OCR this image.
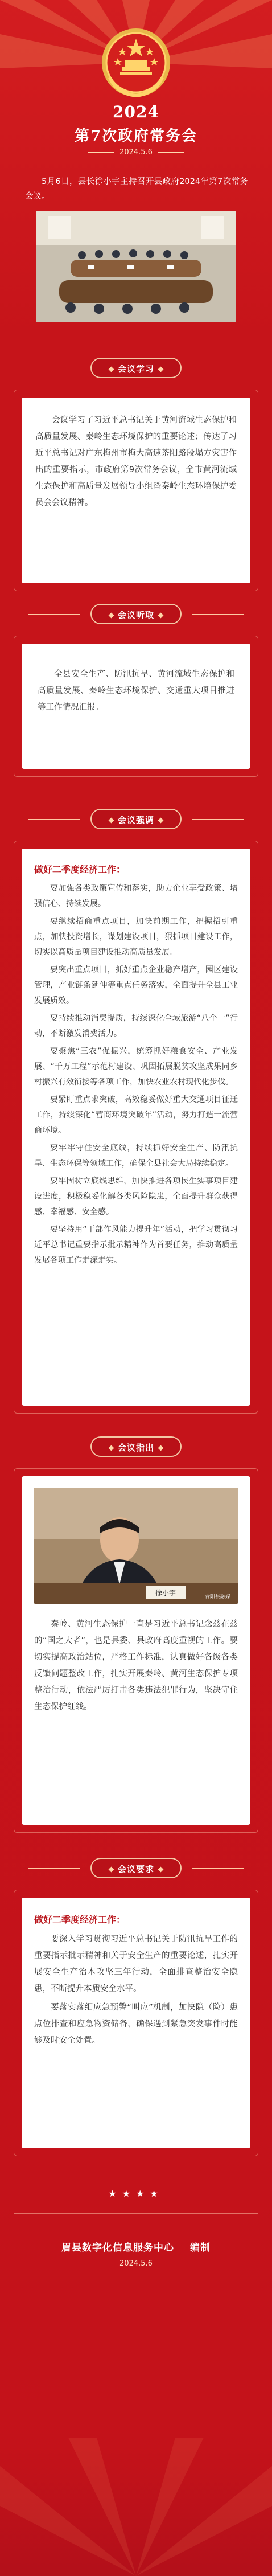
2024
第7次政府常务会
2024.5.6

5月6日，县长徐小宇主持召开县政府2024年第7次常务会议。

会议学习

会议学习了习近平总书记关于黄河流域生态保护和高质量发展、秦岭生态环境保护的重要论述；传达了习近平总书记对广东梅州市梅大高速茶阳路段塌方灾害作出的重要指示，市政府第9次常务会议，全市黄河流域生态保护和高质量发展领导小组暨秦岭生态环境保护委员会会议精神。

会议听取

全县安全生产、防汛抗旱、黄河流域生态保护和高质量发展、秦岭生态环境保护、交通重大项目推进等工作情况汇报。

会议强调
做好二季度经济工作：

要加强各类政策宣传和落实，助力企业享受政策、增强信心、持续发展。

要继续招商重点项目，加快前期工作，把握招引重点，加快投资增长，谋划建设项目，狠抓项目建设工作，切实以高质量项目建设推动高质量发展。

要突出重点项目，抓好重点企业稳产增产，园区建设管理，产业链条延伸等重点任务落实，全面提升全县工业发展质效。

要持续推动消费提质，持续深化全域旅游“八个一”行动，不断激发消费活力。

要聚焦“三农”促振兴，统筹抓好粮食安全、产业发展、“千万工程”示范村建设、巩固拓展脱贫攻坚成果同乡村振兴有效衔接等各项工作，加快农业农村现代化步伐。

要紧盯重点求突破，高效稳妥做好重大交通项目征迁工作，持续深化“营商环境突破年”活动，努力打造一流营商环境。

要牢牢守住安全底线，持续抓好安全生产、防汛抗旱、生态环保等领域工作，确保全县社会大局持续稳定。

要牢固树立底线思维，加快推进各项民生实事项目建设进度，积极稳妥化解各类风险隐患，全面提升群众获得感、幸福感、安全感。

要坚持用“干部作风能力提升年”活动，把学习贯彻习近平总书记重要指示批示精神作为首要任务，推动高质量发展各项工作走深走实。

会议指出
徐小宇	合阳县融媒

秦岭、黄河生态保护一直是习近平总书记念兹在兹的“国之大者”，也是县委、县政府高度重视的工作。要切实提高政治站位，严格工作标准，认真做好各级各类反馈问题整改工作，扎实开展秦岭、黄河生态保护专项整治行动，依法严厉打击各类违法犯罪行为，坚决守住生态保护红线。

会议要求
做好二季度经济工作：

要深入学习贯彻习近平总书记关于防汛抗旱工作的重要指示批示精神和关于安全生产的重要论述，扎实开展安全生产治本攻坚三年行动，全面排查整治安全隐患，不断提升本质安全水平。

要落实落细应急预警“叫应”机制，加快隐（险）患点位排查和应急物资储备，确保遇到紧急突发事件时能够及时安全处置。

★★★★
眉县数字化信息服务中心 编制
2024.5.6
